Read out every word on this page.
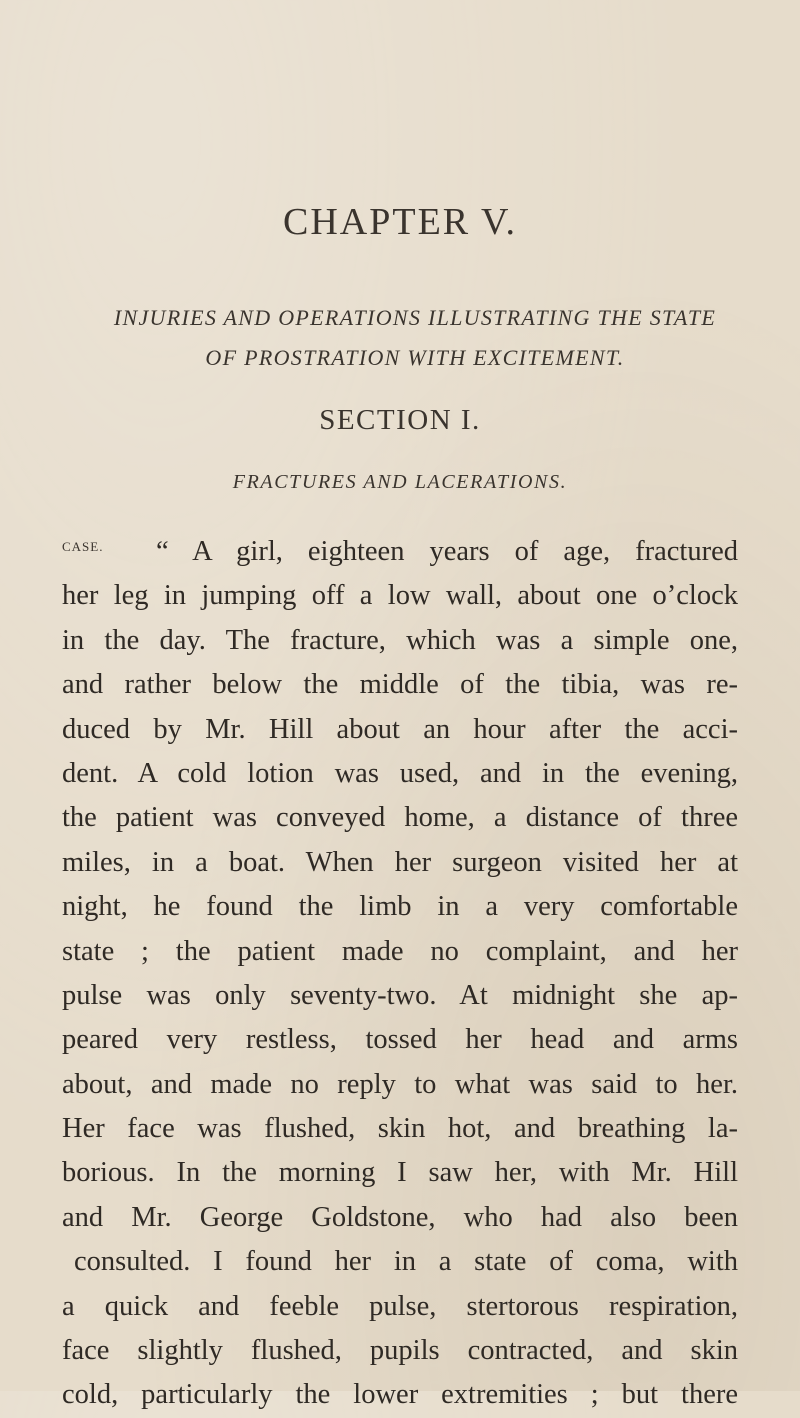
CHAPTER V.
INJURIES AND OPERATIONS ILLUSTRATING THE STATE
OF PROSTRATION WITH EXCITEMENT.
SECTION I.
FRACTURES AND LACERATIONS.
CASE.	“ A girl, eighteen years of age, fractured
her leg in jumping off a low wall, about one o’clock
in the day. The fracture, which was a simple one,
and rather below the middle of the tibia, was re-
duced by Mr. Hill about an hour after the acci-
dent. A cold lotion was used, and in the evening,
the patient was conveyed home, a distance of three
miles, in a boat. When her surgeon visited her at
night, he found the limb in a very comfortable
state ; the patient made no complaint, and her
pulse was only seventy-two. At midnight she ap-
peared very restless, tossed her head and arms
about, and made no reply to what was said to her.
Her face was flushed, skin hot, and breathing la-
borious. In the morning I saw her, with Mr. Hill
and Mr. George Goldstone, who had also been
consulted. I found her in a state of coma, with
a quick and feeble pulse, stertorous respiration,
face slightly flushed, pupils contracted, and skin
cold, particularly the lower extremities ; but there
